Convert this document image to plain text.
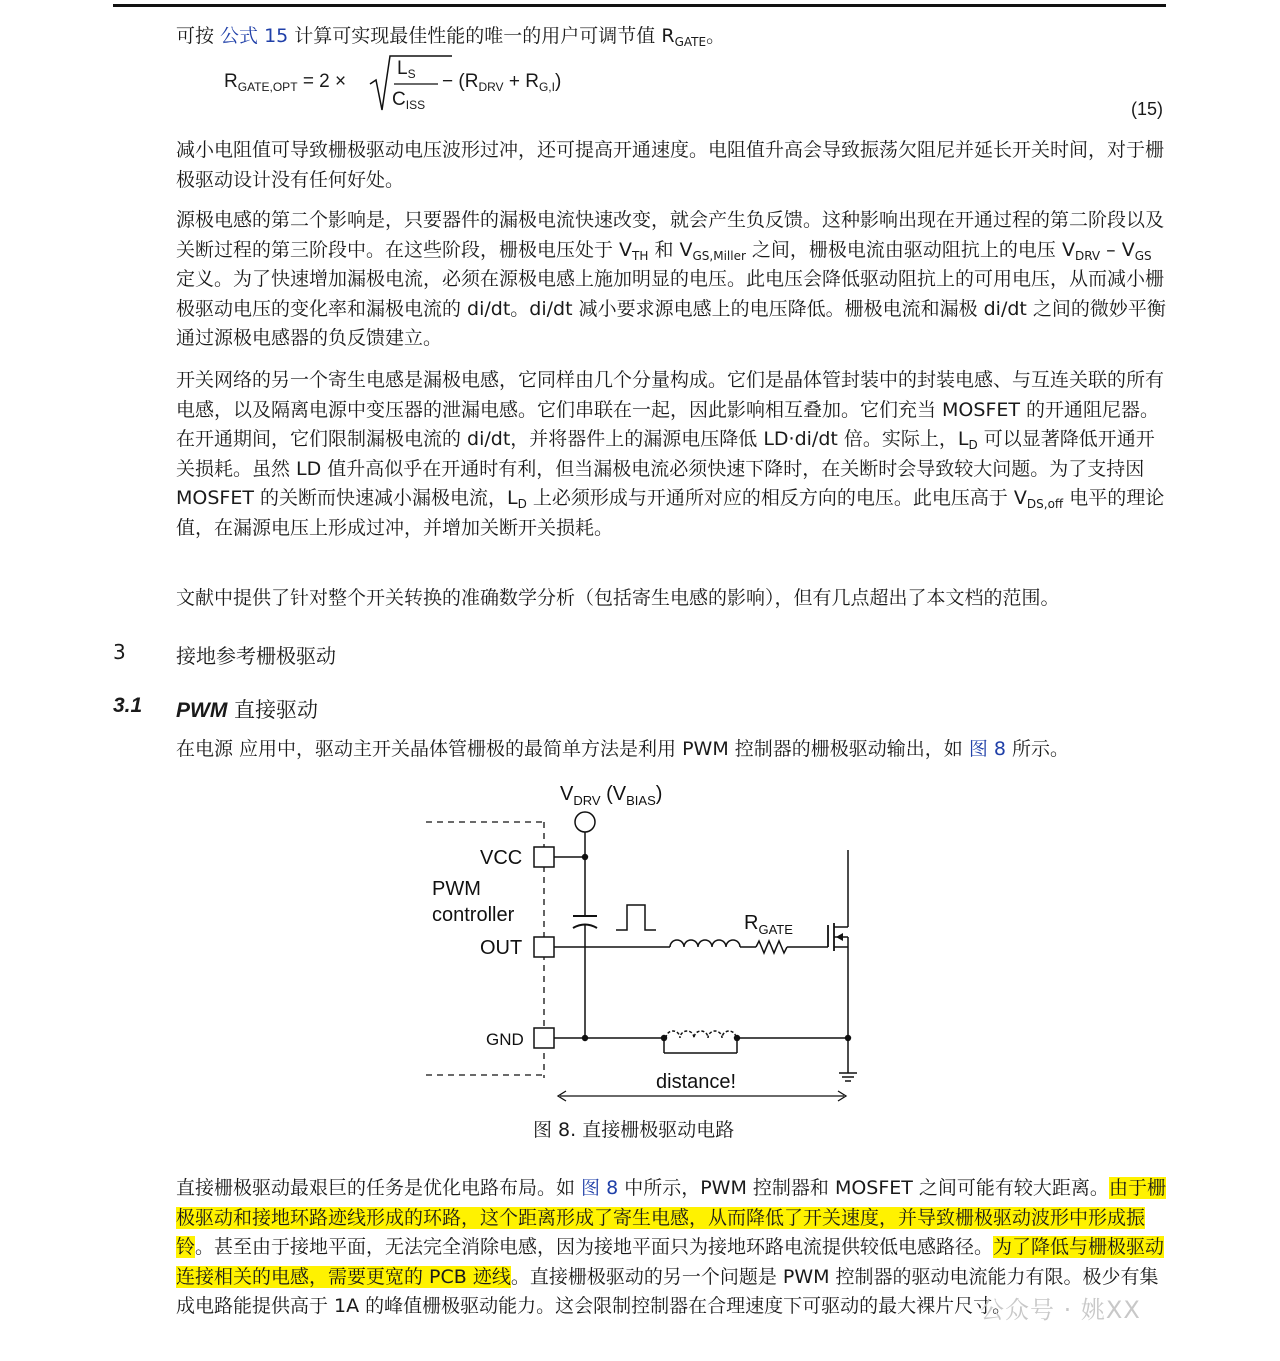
可按 公式 15 计算可实现最佳性能的唯一的用户可调节值 $R_{GATE}$。

$R_{GATE,OPT} = 2$ ×
$L_S$
$C_{ISS}$
− $(R_{DRV} + R_{G,I})$
(15)

减小电阻值可导致栅极驱动电压波形过冲，还可提高开通速度。电阻值升高会导致振荡欠阻尼并延长开关时间，对于栅极驱动设计没有任何好处。

源极电感的第二个影响是，只要器件的漏极电流快速改变，就会产生负反馈。这种影响出现在开通过程的第二阶段以及关断过程的第三阶段中。在这些阶段，栅极电压处于 $V_{TH}$ 和 $V_{GS,Miller}$ 之间，栅极电流由驱动阻抗上的电压 $V_{DRV} - V_{GS}$ 定义。为了快速增加漏极电流，必须在源极电感上施加明显的电压。此电压会降低驱动阻抗上的可用电压，从而减小栅极驱动电压的变化率和漏极电流的 di/dt。di/dt 减小要求源电感上的电压降低。栅极电流和漏极 di/dt 之间的微妙平衡通过源极电感器的负反馈建立。

开关网络的另一个寄生电感是漏极电感，它同样由几个分量构成。它们是晶体管封装中的封装电感、与互连关联的所有电感，以及隔离电源中变压器的泄漏电感。它们串联在一起，因此影响相互叠加。它们充当 MOSFET 的开通阻尼器。在开通期间，它们限制漏极电流的 di/dt，并将器件上的漏源电压降低 LD·di/dt 倍。实际上，$L_D$ 可以显著降低开通开关损耗。虽然 LD 值升高似乎在开通时有利，但当漏极电流必须快速下降时，在关断时会导致较大问题。为了支持因 MOSFET 的关断而快速减小漏极电流，$L_D$ 上必须形成与开通所对应的相反方向的电压。此电压高于 $V_{DS,off}$ 电平的理论值，在漏源电压上形成过冲，并增加关断开关损耗。

文献中提供了针对整个开关转换的准确数学分析（包括寄生电感的影响），但有几点超出了本文档的范围。

3	接地参考栅极驱动
3.1 PWM 直接驱动

在电源 应用中，驱动主开关晶体管栅极的最简单方法是利用 PWM 控制器的栅极驱动输出，如 图 8 所示。

VCC
PWM
controller
OUT
GND
$V_{DRV}$ $(V_{BIAS})$
$R_{GATE}$
distance!
图 8. 直接栅极驱动电路

直接栅极驱动最艰巨的任务是优化电路布局。如 图 8 中所示，PWM 控制器和 MOSFET 之间可能有较大距离。由于栅极驱动和接地环路迹线形成的环路，这个距离形成了寄生电感，从而降低了开关速度，并导致栅极驱动波形中形成振铃。甚至由于接地平面，无法完全消除电感，因为接地平面只为接地环路电流提供较低电感路径。为了降低与栅极驱动连接相关的电感，需要更宽的 PCB 迹线。直接栅极驱动的另一个问题是 PWM 控制器的驱动电流能力有限。极少有集成电路能提供高于 1A 的峰值栅极驱动能力。这会限制控制器在合理速度下可驱动的最大裸片尺寸。

公众号 · 姚XX
